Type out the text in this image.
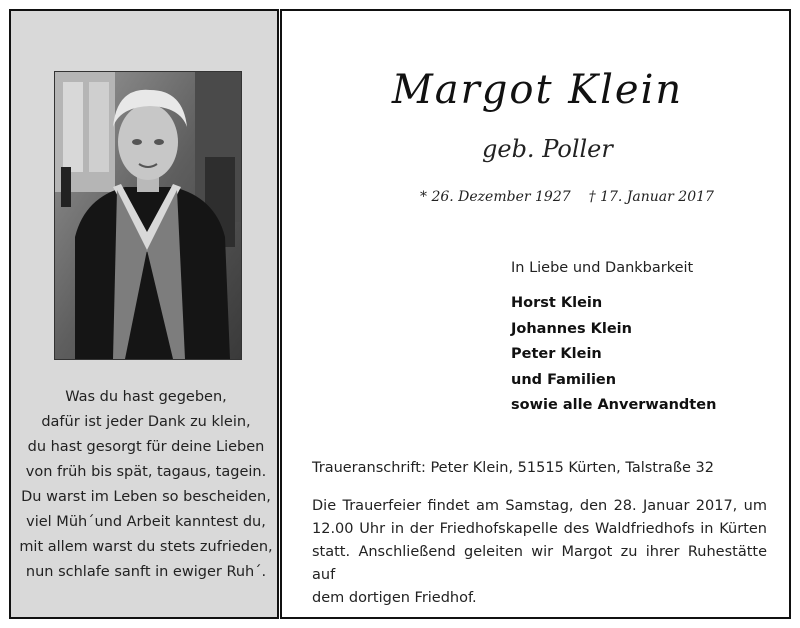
Was du hast gegeben,
dafür ist jeder Dank zu klein,
du hast gesorgt für deine Lieben
von früh bis spät, tagaus, tagein.
Du warst im Leben so bescheiden,
viel Müh´und Arbeit kanntest du,
mit allem warst du stets zufrieden,
nun schlafe sanft in ewiger Ruh´.
Margot Klein
geb. Poller
* 26. Dezember 1927 † 17. Januar 2017
In Liebe und Dankbarkeit
Horst Klein
Johannes Klein
Peter Klein
und Familien
sowie alle Anverwandten
Traueranschrift: Peter Klein, 51515 Kürten, Talstraße 32
Die Trauerfeier findet am Samstag, den 28. Januar 2017, um
12.00 Uhr in der Friedhofskapelle des Waldfriedhofs in Kürten
statt. Anschließend geleiten wir Margot zu ihrer Ruhestätte auf
dem dortigen Friedhof.
